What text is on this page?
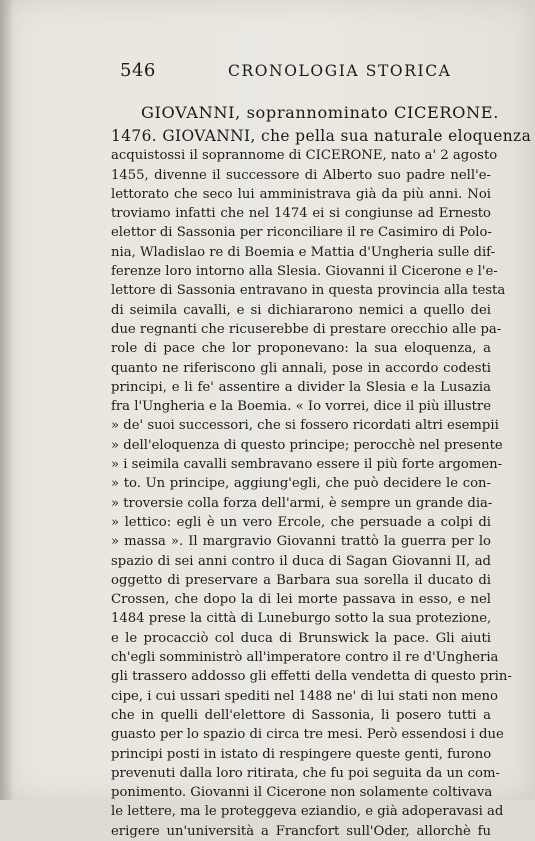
546	CRONOLOGIA STORICA
GIOVANNI, soprannominato CICERONE.
1476. GIOVANNI, che pella sua naturale eloquenza
acquistossi il soprannome di CICERONE, nato a' 2 agosto
1455, divenne il successore di Alberto suo padre nell'e-
lettorato che seco lui amministrava già da più anni. Noi
troviamo infatti che nel 1474 ei si congiunse ad Ernesto
elettor di Sassonia per riconciliare il re Casimiro di Polo-
nia, Wladislao re di Boemia e Mattia d'Ungheria sulle dif-
ferenze loro intorno alla Slesia. Giovanni il Cicerone e l'e-
lettore di Sassonia entravano in questa provincia alla testa
di seimila cavalli, e si dichiararono nemici a quello dei
due regnanti che ricuserebbe di prestare orecchio alle pa-
role di pace che lor proponevano: la sua eloquenza, a
quanto ne riferiscono gli annali, pose in accordo codesti
principi, e li fe' assentire a divider la Slesia e la Lusazia
fra l'Ungheria e la Boemia. « Io vorrei, dice il più illustre
» de' suoi successori, che si fossero ricordati altri esempii
» dell'eloquenza di questo principe; perocchè nel presente
» i seimila cavalli sembravano essere il più forte argomen-
» to. Un principe, aggiung'egli, che può decidere le con-
» troversie colla forza dell'armi, è sempre un grande dia-
» lettico: egli è un vero Ercole, che persuade a colpi di
» massa ». Il margravio Giovanni trattò la guerra per lo
spazio di sei anni contro il duca di Sagan Giovanni II, ad
oggetto di preservare a Barbara sua sorella il ducato di
Crossen, che dopo la di lei morte passava in esso, e nel
1484 prese la città di Luneburgo sotto la sua protezione,
e le procacciò col duca di Brunswick la pace. Gli aiuti
ch'egli somministrò all'imperatore contro il re d'Ungheria
gli trassero addosso gli effetti della vendetta di questo prin-
cipe, i cui ussari spediti nel 1488 ne' di lui stati non meno
che in quelli dell'elettore di Sassonia, li posero tutti a
guasto per lo spazio di circa tre mesi. Però essendosi i due
principi posti in istato di respingere queste genti, furono
prevenuti dalla loro ritirata, che fu poi seguita da un com-
ponimento. Giovanni il Cicerone non solamente coltivava
le lettere, ma le proteggeva eziandio, e già adoperavasi ad
erigere un'università a Francfort sull'Oder, allorchè fu
